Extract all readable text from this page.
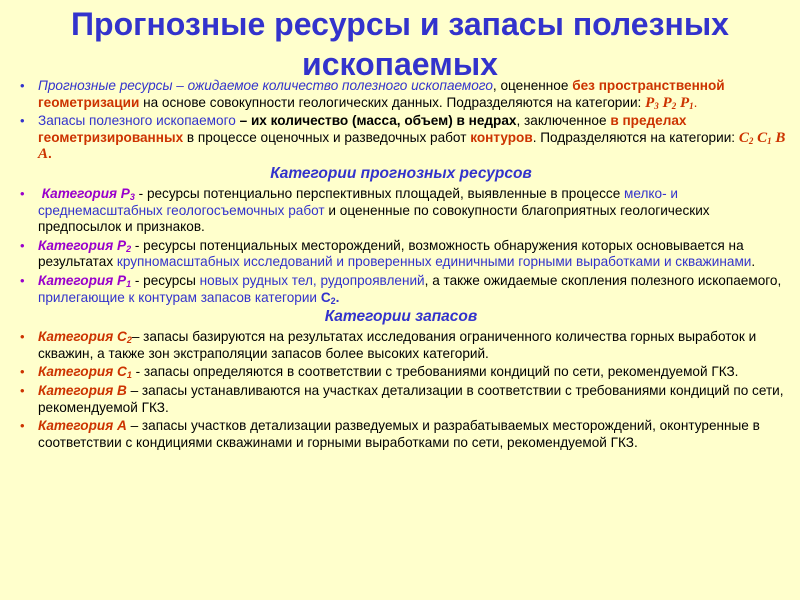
Прогнозные ресурсы и запасы полезных ископаемых
• Прогнозные ресурсы – ожидаемое количество полезного ископаемого, оцененное без пространственной геометризации на основе совокупности геологических данных. Подразделяются на категории: $Р_3$ $Р_2$ $Р_1$.
• Запасы полезного ископаемого – их количество (масса, объем) в недрах, заключенное в пределах геометризированных в процессе оценочных и разведочных работ контуров. Подразделяются на категории: $С_2$ $С_1$ В А.
Категории прогнозных ресурсов
• Категория $Р_3$ - ресурсы потенциально перспективных площадей, выявленные в процессе мелко- и среднемасштабных геологосъемочных работ и оцененные по совокупности благоприятных геологических предпосылок и признаков.
• Категория $Р_2$ - ресурсы потенциальных месторождений, возможность обнаружения которых основывается на результатах крупномасштабных исследований и проверенных единичными горными выработками и скважинами.
• Категория $Р_1$ - ресурсы новых рудных тел, рудопроявлений, а также ожидаемые скопления полезного ископаемого, прилегающие к контурам запасов категории $С_2$.
Категории запасов
• Категория $С_2-$ запасы базируются на результатах исследования ограниченного количества горных выработок и скважин, а также зон экстраполяции запасов более высоких категорий.
• Категория $С_1$ - запасы определяются в соответствии с требованиями кондиций по сети, рекомендуемой ГКЗ.
• Категория В – запасы устанавливаются на участках детализации в соответствии с требованиями кондиций по сети, рекомендуемой ГКЗ.
• Категория А – запасы участков детализации разведуемых и разрабатываемых месторождений, оконтуренные в соответствии с кондициями скважинами и горными выработками по сети, рекомендуемой ГКЗ.
